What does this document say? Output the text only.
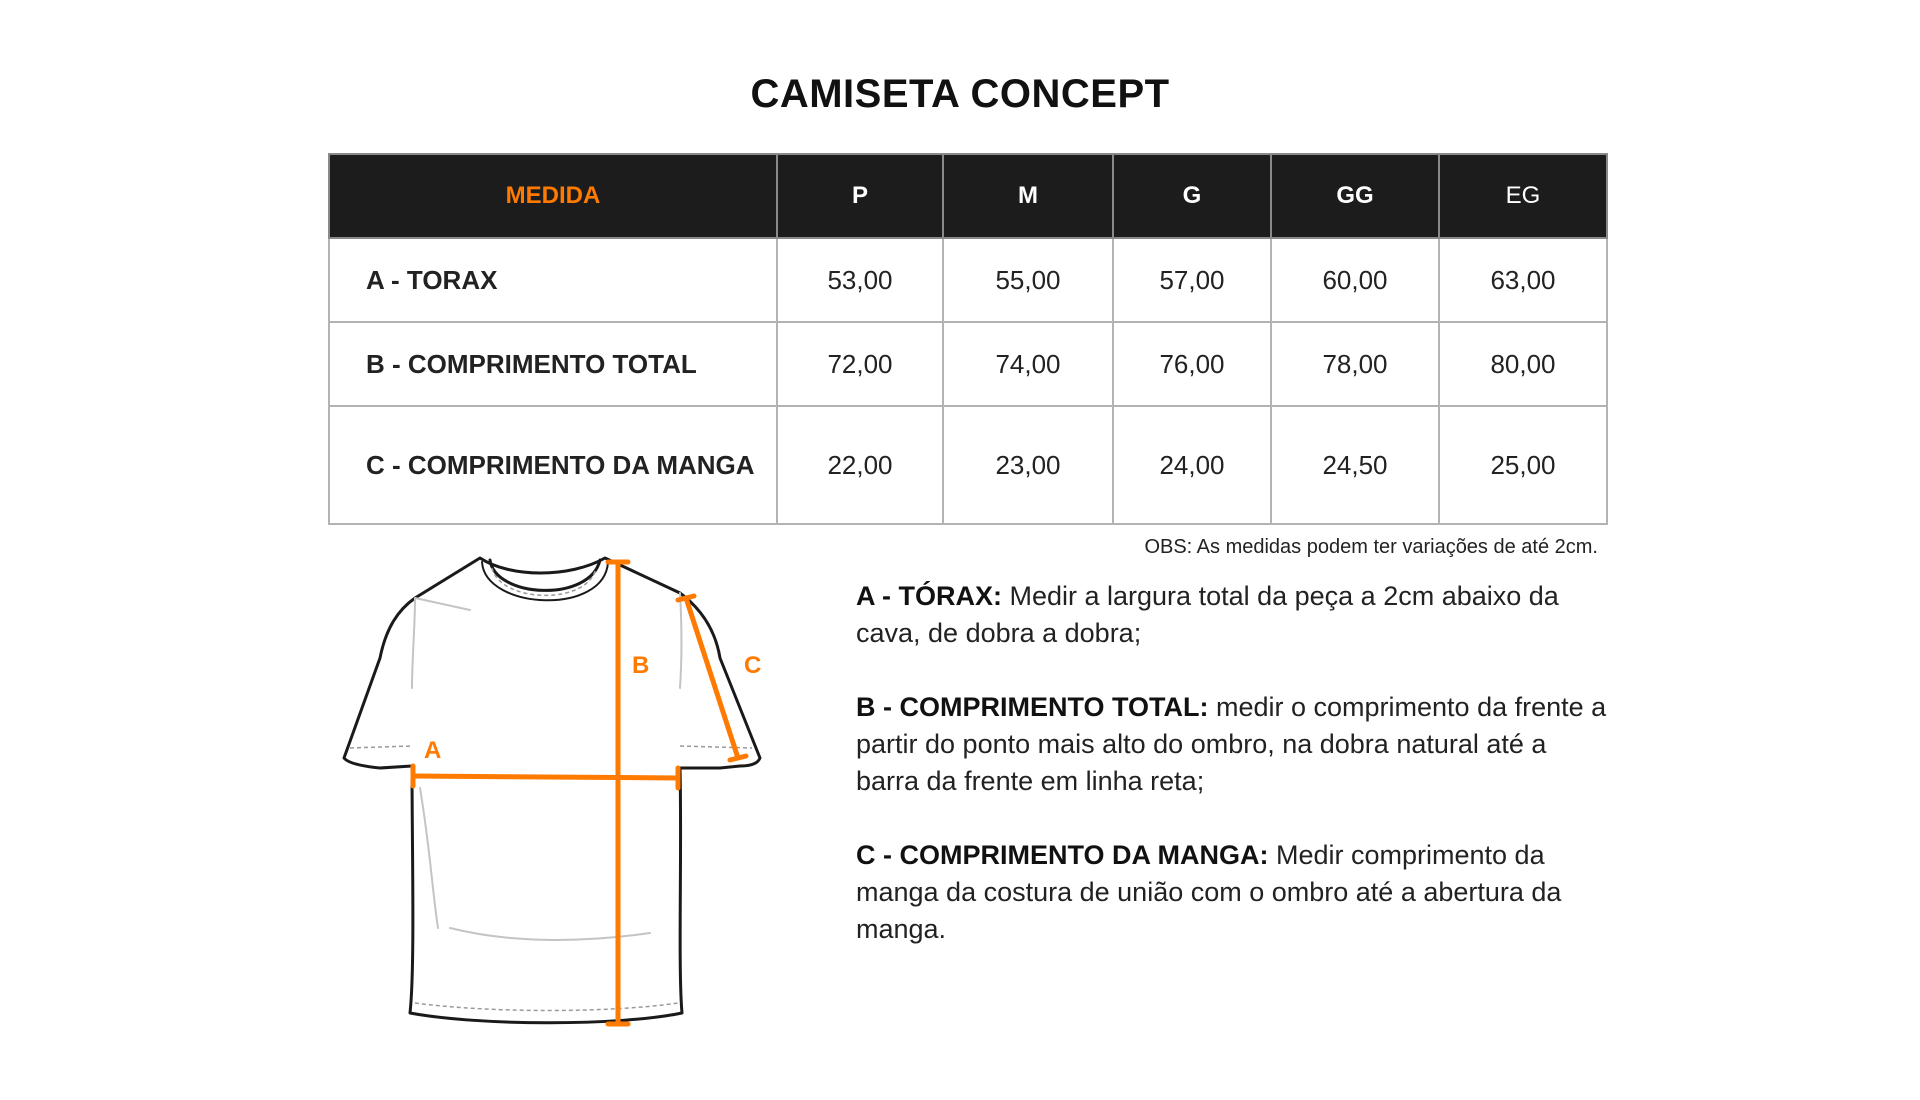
CAMISETA CONCEPT
MEDIDA	P	M	G	GG	EG
A - TORAX	53,00	55,00	57,00	60,00	63,00
B - COMPRIMENTO TOTAL	72,00	74,00	76,00	78,00	80,00
C - COMPRIMENTO DA MANGA	22,00	23,00	24,00	24,50	25,00
OBS: As medidas podem ter variações de até 2cm.
A
B	C

A - TÓRAX: Medir a largura total da peça a 2cm abaixo da cava, de dobra a dobra;

B - COMPRIMENTO TOTAL: medir o comprimento da frente a partir do ponto mais alto do ombro, na dobra natural até a barra da frente em linha reta;

C - COMPRIMENTO DA MANGA: Medir comprimento da manga da costura de união com o ombro até a abertura da manga.
